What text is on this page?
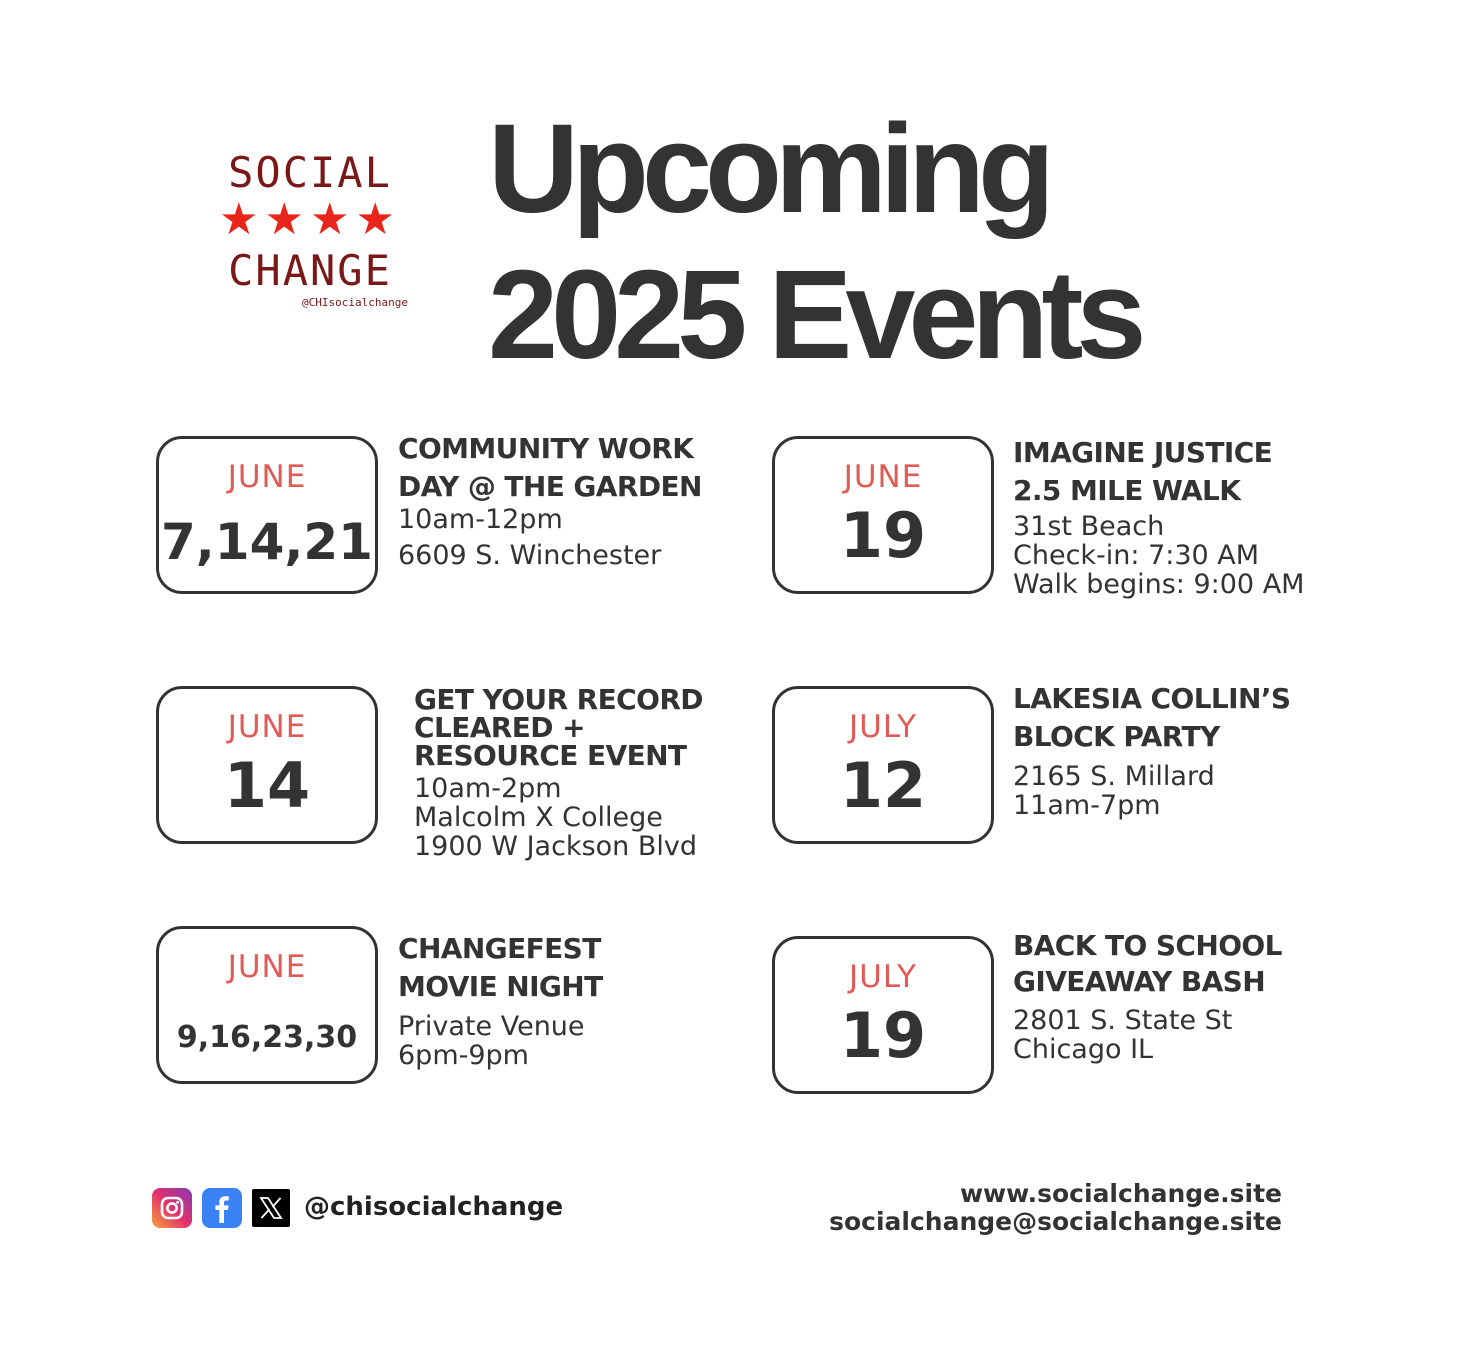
SOCIAL
★★★★
CHANGE
@CHIsocialchange
Upcoming
2025 Events
JUNE
7,14,21
COMMUNITY WORK
DAY @ THE GARDEN
10am-12pm
6609 S. Winchester
JUNE
19
IMAGINE JUSTICE
2.5 MILE WALK
31st Beach
Check-in: 7:30 AM
Walk begins: 9:00 AM
JUNE
14
GET YOUR RECORD
CLEARED +
RESOURCE EVENT
10am-2pm
Malcolm X College
1900 W Jackson Blvd
JULY
12
LAKESIA COLLIN’S
BLOCK PARTY
2165 S. Millard
11am-7pm
JUNE
9,16,23,30
CHANGEFEST
MOVIE NIGHT
Private Venue
6pm-9pm
JULY
19
BACK TO SCHOOL
GIVEAWAY BASH
2801 S. State St
Chicago IL
@chisocialchange	www.socialchange.site
socialchange@socialchange.site
